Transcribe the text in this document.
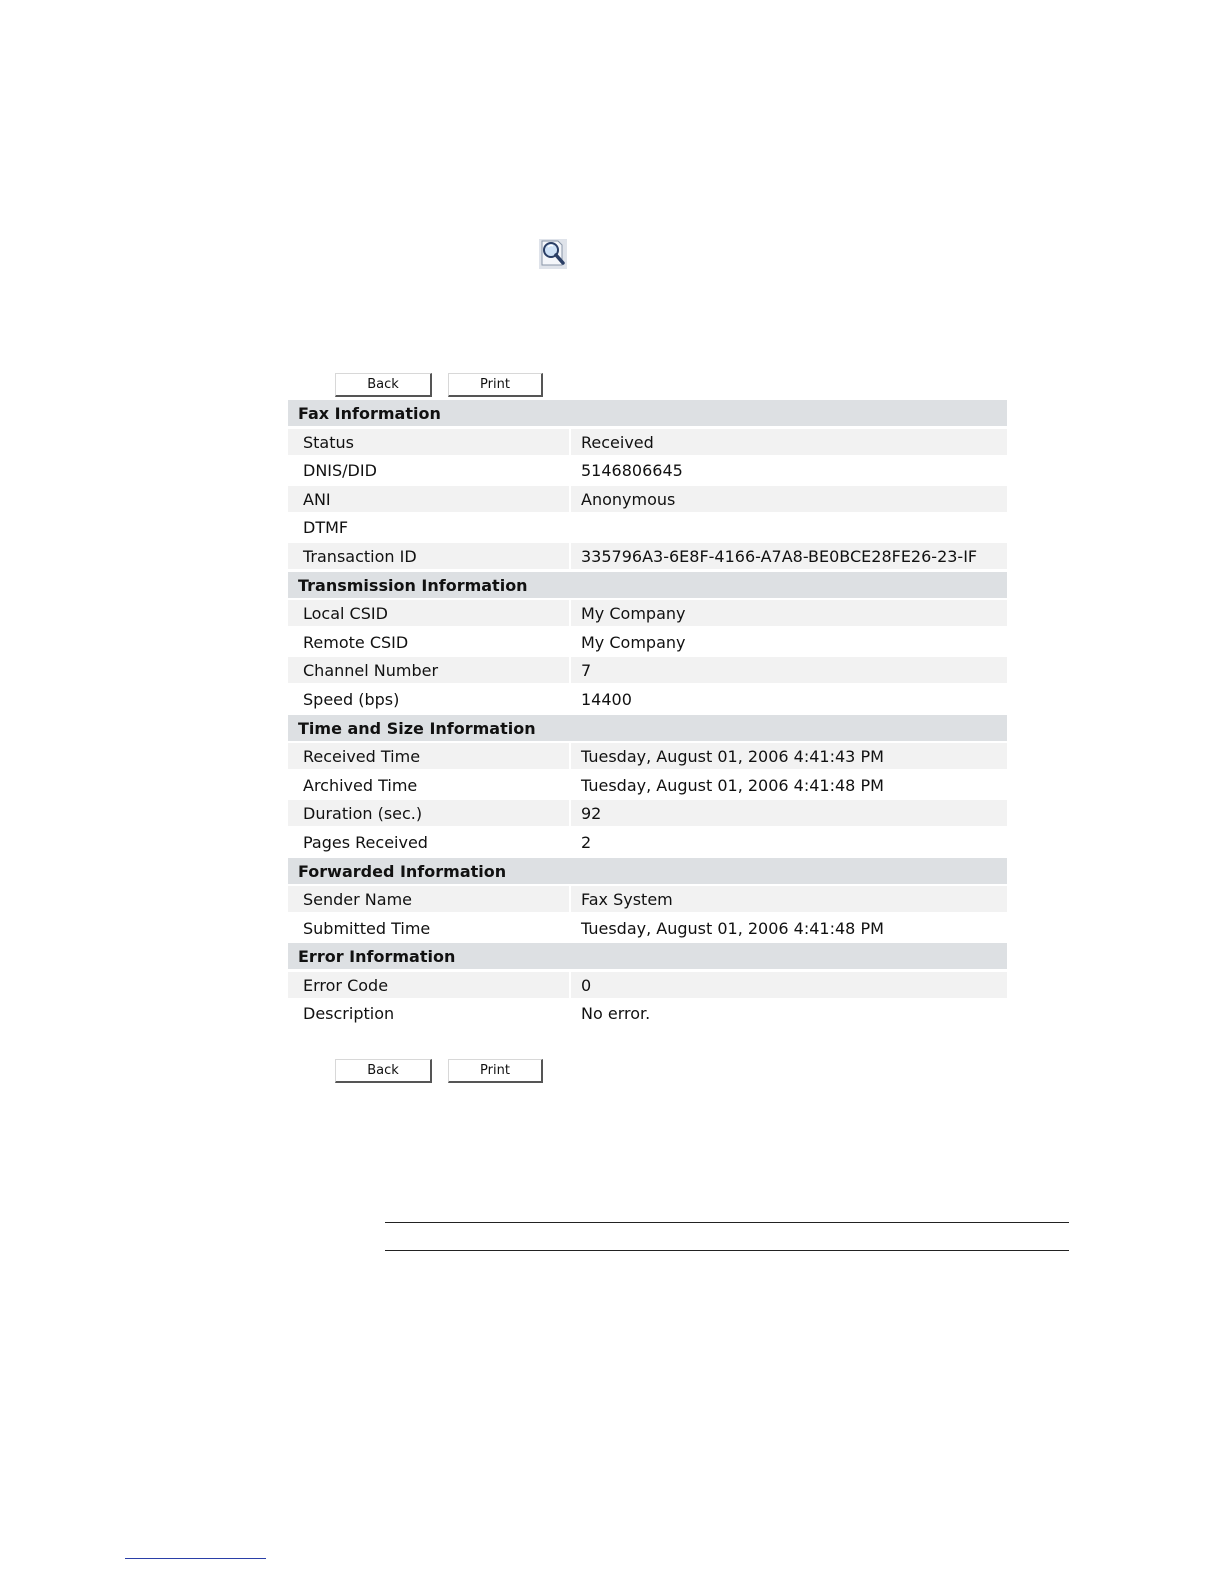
Back	Print
Fax Information
Status	Received
DNIS/DID	5146806645
ANI	Anonymous
DTMF
Transaction ID	335796A3-6E8F-4166-A7A8-BE0BCE28FE26-23-IF
Transmission Information
Local CSID	My Company
Remote CSID	My Company
Channel Number	7
Speed (bps)	14400
Time and Size Information
Received Time	Tuesday, August 01, 2006 4:41:43 PM
Archived Time	Tuesday, August 01, 2006 4:41:48 PM
Duration (sec.)	92
Pages Received	2
Forwarded Information
Sender Name	Fax System
Submitted Time	Tuesday, August 01, 2006 4:41:48 PM
Error Information
Error Code	0
Description	No error.
Back	Print
